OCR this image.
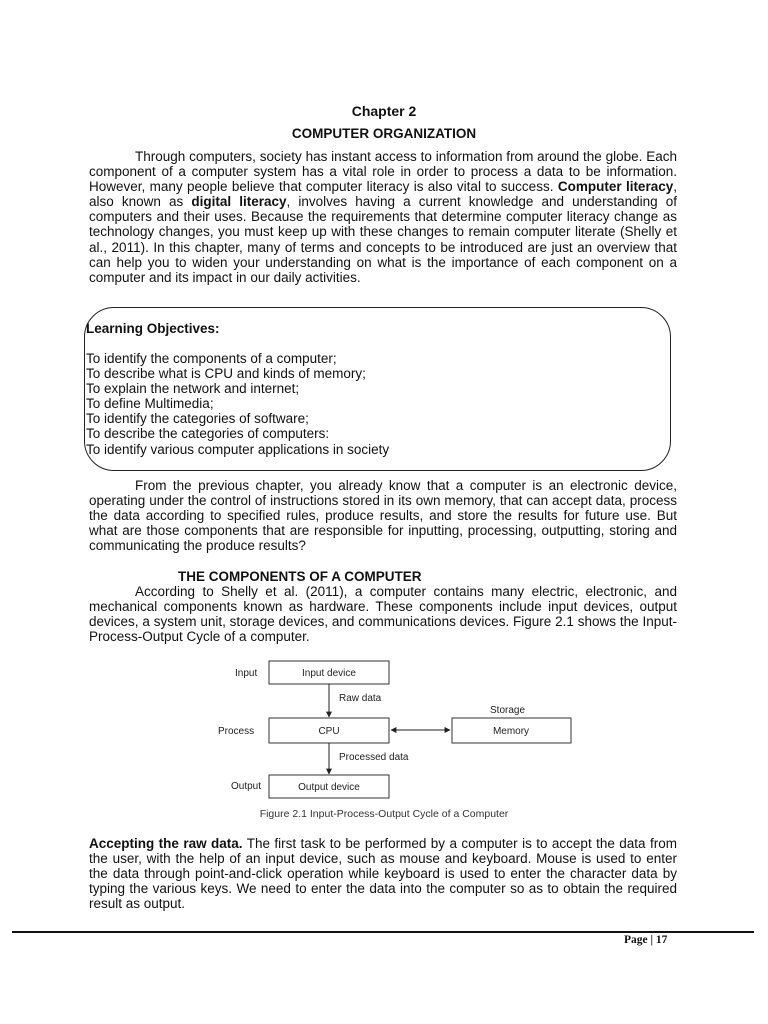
Chapter 2
COMPUTER ORGANIZATION

Through computers, society has instant access to information from around the globe. Each component of a computer system has a vital role in order to process a data to be information. However, many people believe that computer literacy is also vital to success. Computer literacy, also known as digital literacy, involves having a current knowledge and understanding of computers and their uses. Because the requirements that determine computer literacy change as technology changes, you must keep up with these changes to remain computer literate (Shelly et al., 2011). In this chapter, many of terms and concepts to be introduced are just an overview that can help you to widen your understanding on what is the importance of each component on a computer and its impact in our daily activities.

Learning Objectives:
To identify the components of a computer;
To describe what is CPU and kinds of memory;
To explain the network and internet;
To define Multimedia;
To identify the categories of software;
To describe the categories of computers:
To identify various computer applications in society

From the previous chapter, you already know that a computer is an electronic device, operating under the control of instructions stored in its own memory, that can accept data, process the data according to specified rules, produce results, and store the results for future use. But what are those components that are responsible for inputting, processing, outputting, storing and communicating the produce results?

THE COMPONENTS OF A COMPUTER

According to Shelly et al. (2011), a computer contains many electric, electronic, and mechanical components known as hardware. These components include input devices, output devices, a system unit, storage devices, and communications devices. Figure 2.1 shows the Input-Process-Output Cycle of a computer.

Input
Process
Output
Input device
CPU	Memory
Output device
Storage
Raw data
Processed data
Figure 2.1 Input-Process-Output Cycle of a Computer

Accepting the raw data. The first task to be performed by a computer is to accept the data from the user, with the help of an input device, such as mouse and keyboard. Mouse is used to enter the data through point-and-click operation while keyboard is used to enter the character data by typing the various keys. We need to enter the data into the computer so as to obtain the required result as output.

Page | 17
